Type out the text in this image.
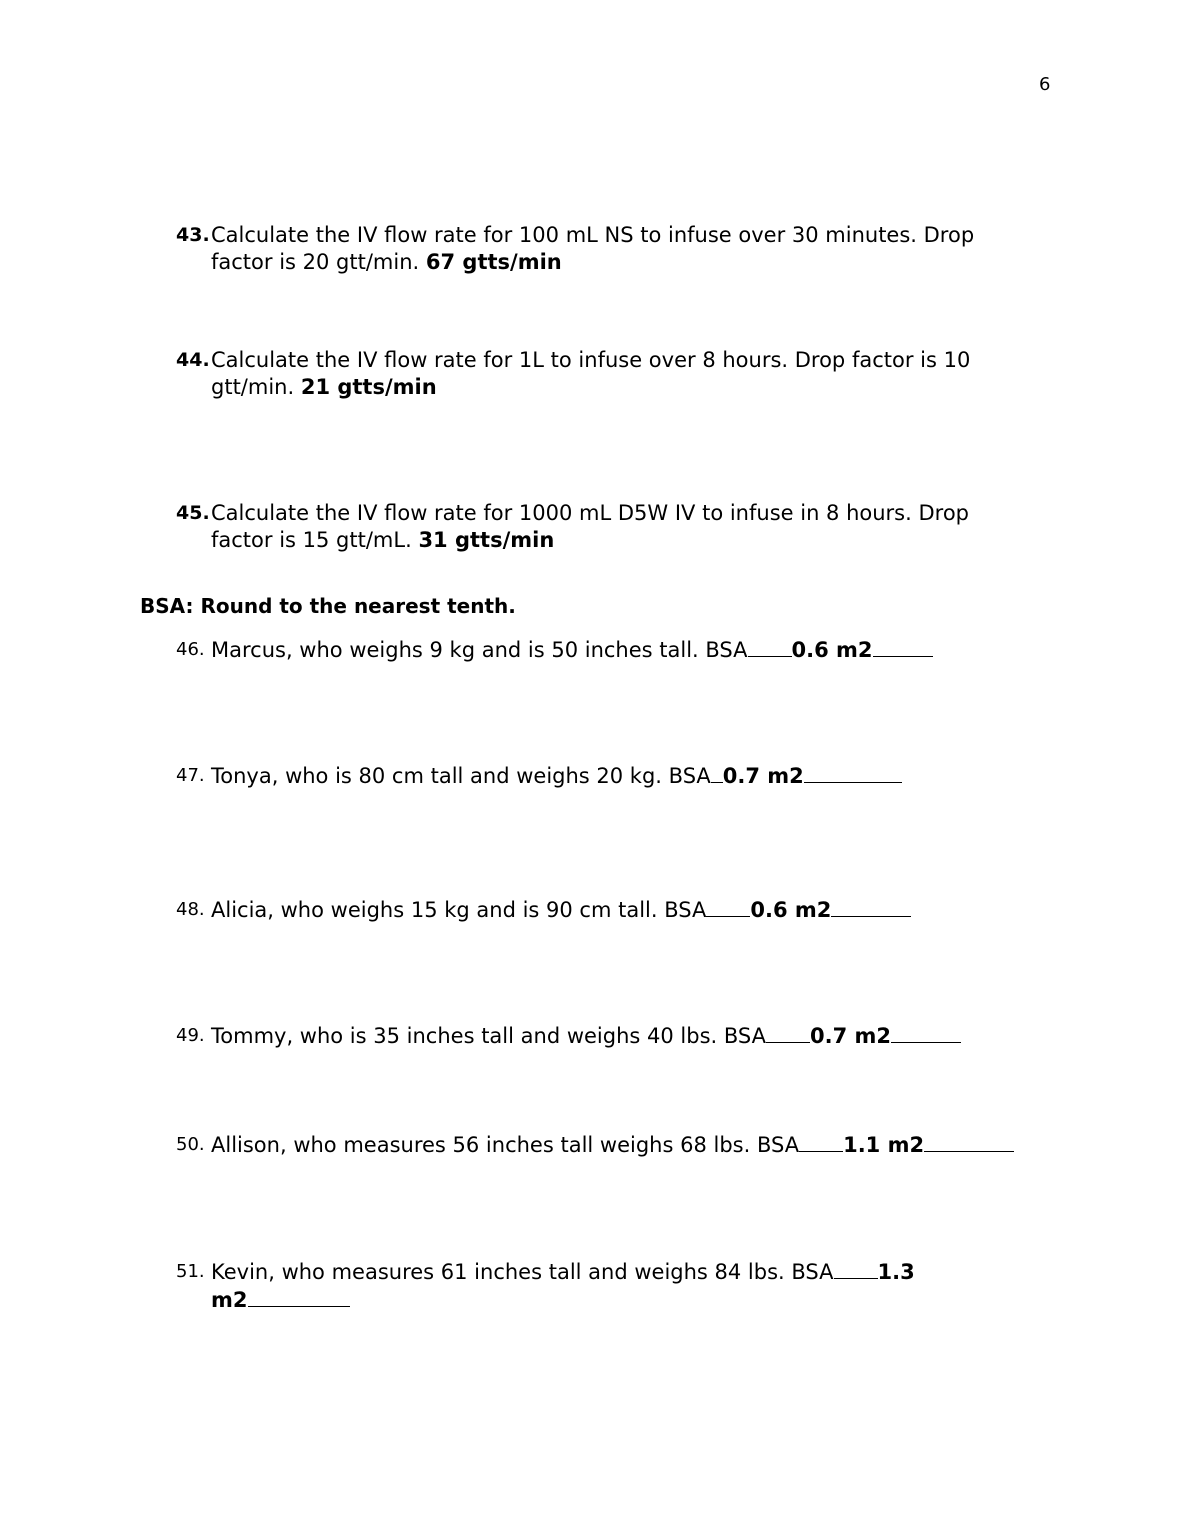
6
43. Calculate the IV flow rate for 100 mL NS to infuse over 30 minutes. Drop
factor is 20 gtt/min. 67 gtts/min
44. Calculate the IV flow rate for 1L to infuse over 8 hours. Drop factor is 10
gtt/min. 21 gtts/min
45. Calculate the IV flow rate for 1000 mL D5W IV to infuse in 8 hours. Drop
factor is 15 gtt/mL. 31 gtts/min
BSA: Round to the nearest tenth.
46. Marcus, who weighs 9 kg and is 50 inches tall. BSA 0.6 m2
47. Tonya, who is 80 cm tall and weighs 20 kg. BSA 0.7 m2
48. Alicia, who weighs 15 kg and is 90 cm tall. BSA 0.6 m2
49. Tommy, who is 35 inches tall and weighs 40 lbs. BSA 0.7 m2
50. Allison, who measures 56 inches tall weighs 68 lbs. BSA 1.1 m2
51. Kevin, who measures 61 inches tall and weighs 84 lbs. BSA 1.3
m2
